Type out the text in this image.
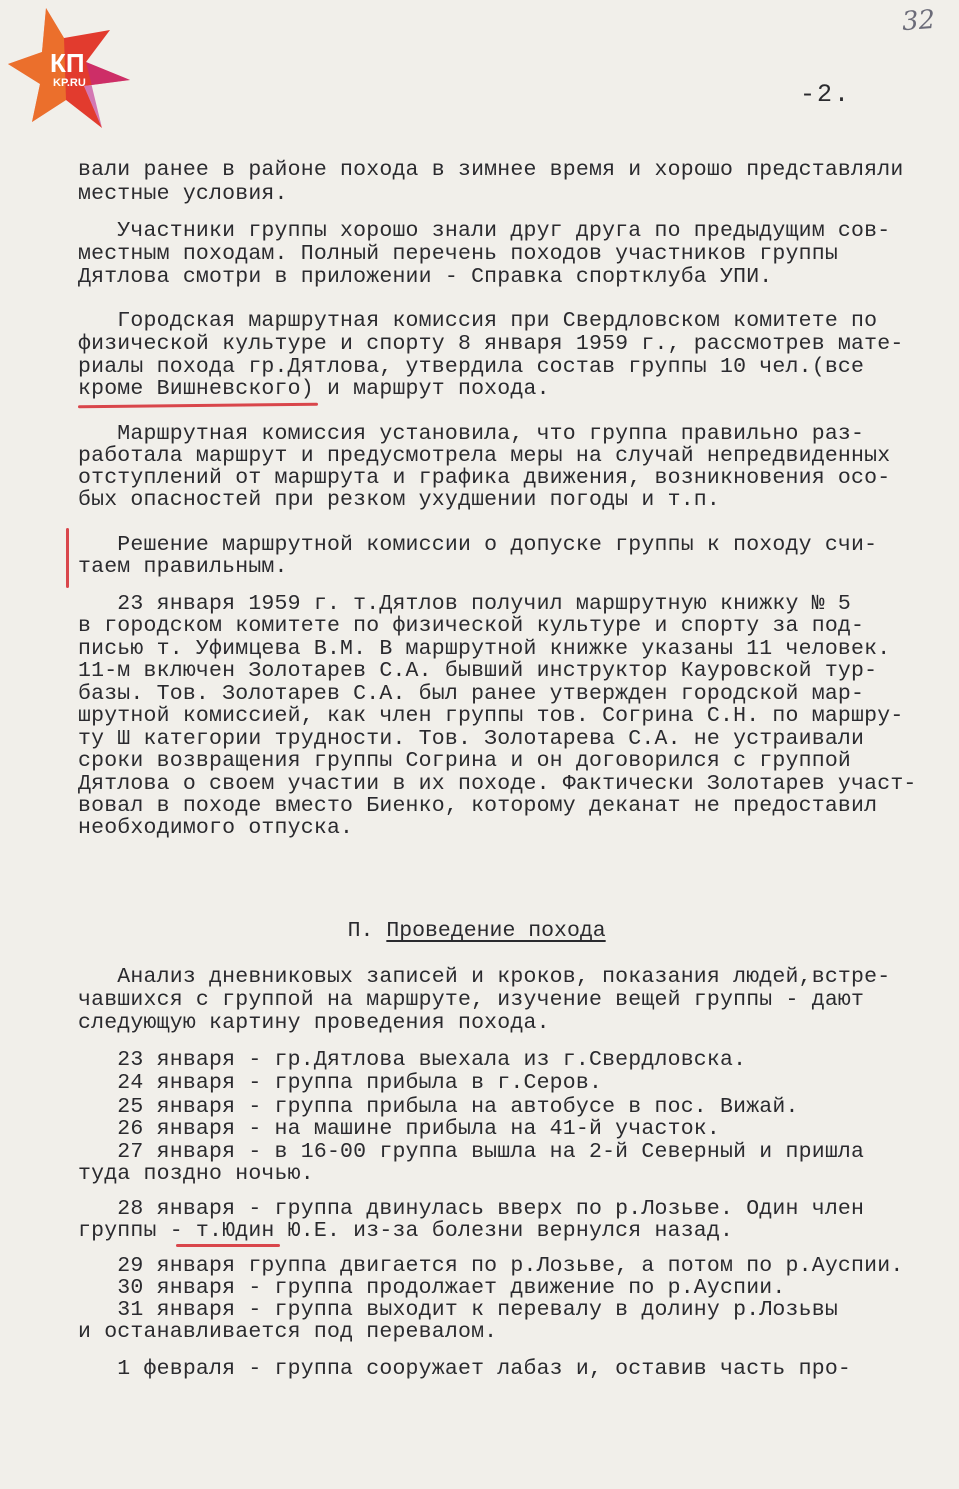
КП
KP.RU
32
-2.
вали ранее в районе похода в зимнее время и хорошо представляли
местные условия.
Участники группы хорошо знали друг друга по предыдущим сов-
местным походам. Полный перечень походов участников группы
Дятлова смотри в приложении - Справка спортклуба УПИ.
Городская маршрутная комиссия при Свердловском комитете по
физической культуре и спорту 8 января 1959 г., рассмотрев матe-
риалы похода гр.Дятлова, утвердила состав группы 10 чел.(все
кроме Вишневского) и маршрут похода.
Маршрутная комиссия установила, что группа правильно раз-
работала маршрут и предусмотрела меры на случай непредвиденных
отступлений от маршрута и графика движения, возникновения осо-
бых опасностей при резком ухудшении погоды и т.п.
Решение маршрутной комиссии о допуске группы к походу счи-
таем правильным.
23 января 1959 г. т.Дятлов получил маршрутную книжку № 5
в городском комитете по физической культуре и спорту за под-
писью т. Уфимцева В.М. В маршрутной книжке указаны 11 человек.
11-м включен Золотарев С.А. бывший инструктор Кауровской тур-
базы. Тов. Золотарев С.А. был ранее утвержден городской мар-
шрутной комиссией, как член группы тов. Согрина С.Н. по маршру-
ту Ш категории трудности. Тов. Золотарева С.А. не устраивали
сроки возвращения группы Согрина и он договорился с группой
Дятлова о своем участии в их походе. Фактически Золотарев участ-
вовал в походе вместо Биенко, которому деканат не предоставил
необходимого отпуска.

П. Проведение похода

Анализ дневниковых записей и кроков, показания людей,встре-
чавшихся с группой на маршруте, изучение вещей группы - дают
следующую картину проведения похода.
23 января - гр.Дятлова выехала из г.Свердловска.
24 января - группа прибыла в г.Серов.
25 января - группа прибыла на автобусе в пос. Вижай.
26 января - на машине прибыла на 41-й участок.
27 января - в 16-00 группа вышла на 2-й Северный и пришла
туда поздно ночью.
28 января - группа двинулась вверх по р.Лозьве. Один член
группы - т.Юдин Ю.Е. из-за болезни вернулся назад.
29 января группа двигается по р.Лозьве, а потом по р.Ауспии.
30 января - группа продолжает движение по р.Ауспии.
31 января - группа выходит к перевалу в долину р.Лозьвы
и останавливается под перевалом.
1 февраля - группа сооружает лабаз и, оставив часть про-
